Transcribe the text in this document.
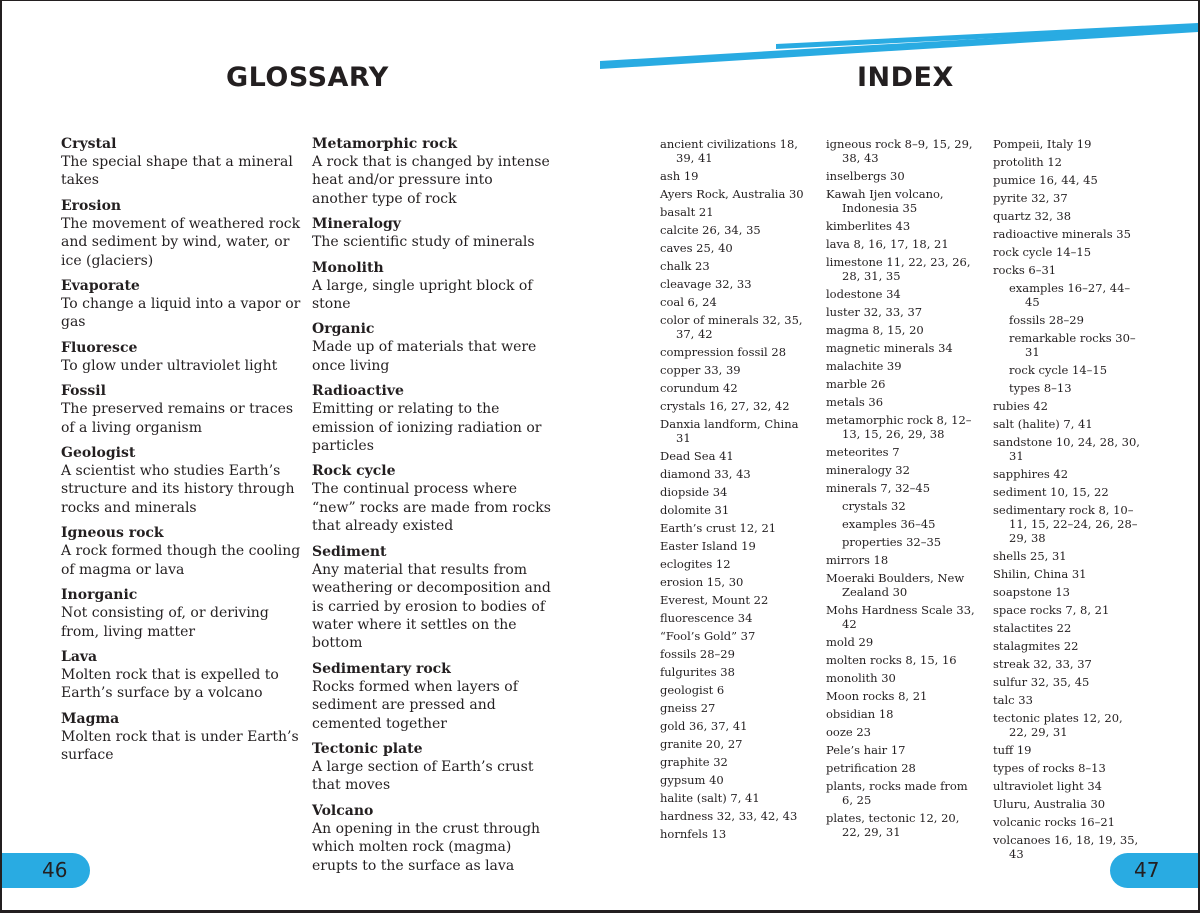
GLOSSARY	INDEX
Crystal
The special shape that a mineral takes
Erosion
The movement of weathered rock and sediment by wind, water, or ice (glaciers)
Evaporate
To change a liquid into a vapor or gas
Fluoresce
To glow under ultraviolet light
Fossil
The preserved remains or traces of a living organism
Geologist
A scientist who studies Earth’s structure and its history through rocks and minerals
Igneous rock
A rock formed though the cooling of magma or lava
Inorganic
Not consisting of, or deriving from, living matter
Lava
Molten rock that is expelled to Earth’s surface by a volcano
Magma
Molten rock that is under Earth’s surface
Metamorphic rock
A rock that is changed by intense heat and/or pressure into another type of rock
Mineralogy
The scientific study of minerals
Monolith
A large, single upright block of stone
Organic
Made up of materials that were once living
Radioactive
Emitting or relating to the emission of ionizing radiation or particles
Rock cycle
The continual process where “new” rocks are made from rocks that already existed
Sediment
Any material that results from weathering or decomposition and is carried by erosion to bodies of water where it settles on the bottom
Sedimentary rock
Rocks formed when layers of sediment are pressed and cemented together
Tectonic plate
A large section of Earth’s crust that moves
Volcano
An opening in the crust through which molten rock (magma) erupts to the surface as lava
ancient civilizations 18, 39, 41
ash 19
Ayers Rock, Australia 30
basalt 21
calcite 26, 34, 35
caves 25, 40
chalk 23
cleavage 32, 33
coal 6, 24
color of minerals 32, 35, 37, 42
compression fossil 28
copper 33, 39
corundum 42
crystals 16, 27, 32, 42
Danxia landform, China 31
Dead Sea 41
diamond 33, 43
diopside 34
dolomite 31
Earth’s crust 12, 21
Easter Island 19
eclogites 12
erosion 15, 30
Everest, Mount 22
fluorescence 34
“Fool’s Gold” 37
fossils 28–29
fulgurites 38
geologist 6
gneiss 27
gold 36, 37, 41
granite 20, 27
graphite 32
gypsum 40
halite (salt) 7, 41
hardness 32, 33, 42, 43
hornfels 13
igneous rock 8–9, 15, 29, 38, 43
inselbergs 30
Kawah Ijen volcano, Indonesia 35
kimberlites 43
lava 8, 16, 17, 18, 21
limestone 11, 22, 23, 26, 28, 31, 35
lodestone 34
luster 32, 33, 37
magma 8, 15, 20
magnetic minerals 34
malachite 39
marble 26
metals 36
metamorphic rock 8, 12–13, 15, 26, 29, 38
meteorites 7
mineralogy 32
minerals 7, 32–45
crystals 32
examples 36–45
properties 32–35
mirrors 18
Moeraki Boulders, New Zealand 30
Mohs Hardness Scale 33, 42
mold 29
molten rocks 8, 15, 16
monolith 30
Moon rocks 8, 21
obsidian 18
ooze 23
Pele’s hair 17
petrification 28
plants, rocks made from 6, 25
plates, tectonic 12, 20, 22, 29, 31
Pompeii, Italy 19
protolith 12
pumice 16, 44, 45
pyrite 32, 37
quartz 32, 38
radioactive minerals 35
rock cycle 14–15
rocks 6–31
examples 16–27, 44–45
fossils 28–29
remarkable rocks 30–31
rock cycle 14–15
types 8–13
rubies 42
salt (halite) 7, 41
sandstone 10, 24, 28, 30, 31
sapphires 42
sediment 10, 15, 22
sedimentary rock 8, 10–11, 15, 22–24, 26, 28–29, 38
shells 25, 31
Shilin, China 31
soapstone 13
space rocks 7, 8, 21
stalactites 22
stalagmites 22
streak 32, 33, 37
sulfur 32, 35, 45
talc 33
tectonic plates 12, 20, 22, 29, 31
tuff 19
types of rocks 8–13
ultraviolet light 34
Uluru, Australia 30
volcanic rocks 16–21
volcanoes 16, 18, 19, 35, 43
46	47
